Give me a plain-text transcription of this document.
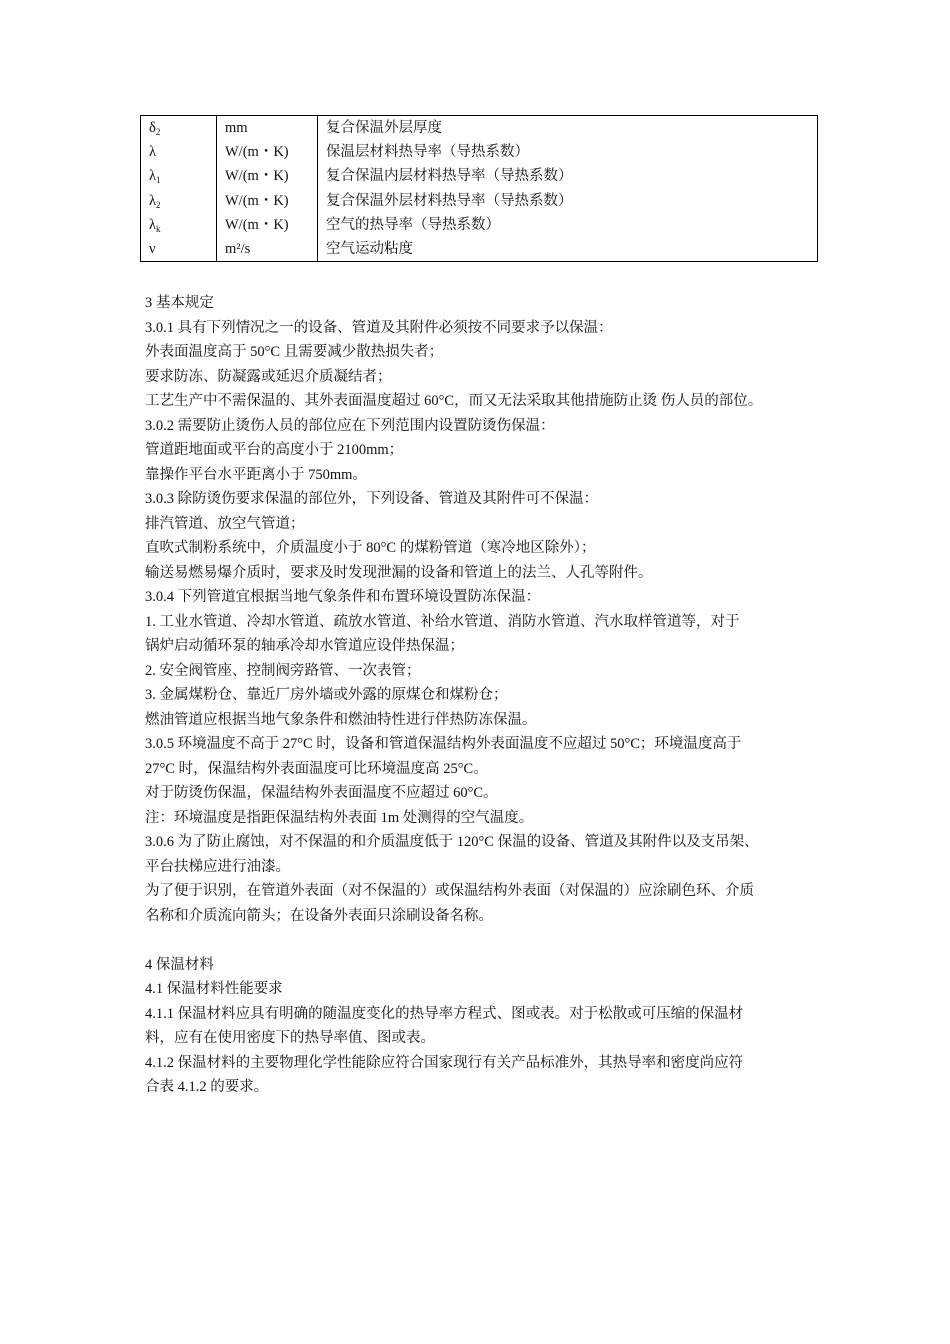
$\delta_2$	mm	复合保温外层厚度
λ	W/(m・K)	保温层材料热导率（导热系数）
$\lambda_1$	W/(m・K)	复合保温内层材料热导率（导热系数）
$\lambda_2$	W/(m・K)	复合保温外层材料热导率（导热系数）
$\lambda_k$	W/(m・K)	空气的热导率（导热系数）
ν	m²/s	空气运动粘度

3 基本规定

3.0.1 具有下列情况之一的设备、管道及其附件必须按不同要求予以保温：

外表面温度高于 50°C 且需要减少散热损失者；

要求防冻、防凝露或延迟介质凝结者；

工艺生产中不需保温的、其外表面温度超过 60°C，而又无法采取其他措施防止烫 伤人员的部位。

3.0.2 需要防止烫伤人员的部位应在下列范围内设置防烫伤保温：

管道距地面或平台的高度小于 2100mm；

靠操作平台水平距离小于 750mm。

3.0.3 除防烫伤要求保温的部位外，下列设备、管道及其附件可不保温：

排汽管道、放空气管道；

直吹式制粉系统中，介质温度小于 80°C 的煤粉管道（寒冷地区除外）；

输送易燃易爆介质时，要求及时发现泄漏的设备和管道上的法兰、人孔等附件。

3.0.4 下列管道宜根据当地气象条件和布置环境设置防冻保温：

1. 工业水管道、冷却水管道、疏放水管道、补给水管道、消防水管道、汽水取样管道等，对于

锅炉启动循环泵的轴承冷却水管道应设伴热保温；

2. 安全阀管座、控制阀旁路管、一次表管；

3. 金属煤粉仓、靠近厂房外墙或外露的原煤仓和煤粉仓；

燃油管道应根据当地气象条件和燃油特性进行伴热防冻保温。

3.0.5 环境温度不高于 27°C 时，设备和管道保温结构外表面温度不应超过 50°C；环境温度高于

27°C 时，保温结构外表面温度可比环境温度高 25°C。

对于防烫伤保温，保温结构外表面温度不应超过 60°C。

注：环境温度是指距保温结构外表面 1m 处测得的空气温度。

3.0.6 为了防止腐蚀，对不保温的和介质温度低于 120°C 保温的设备、管道及其附件以及支吊架、

平台扶梯应进行油漆。

为了便于识别，在管道外表面（对不保温的）或保温结构外表面（对保温的）应涂刷色环、介质

名称和介质流向箭头；在设备外表面只涂刷设备名称。

4 保温材料

4.1 保温材料性能要求

4.1.1 保温材料应具有明确的随温度变化的热导率方程式、图或表。对于松散或可压缩的保温材

料，应有在使用密度下的热导率值、图或表。

4.1.2 保温材料的主要物理化学性能除应符合国家现行有关产品标准外，其热导率和密度尚应符

合表 4.1.2 的要求。
